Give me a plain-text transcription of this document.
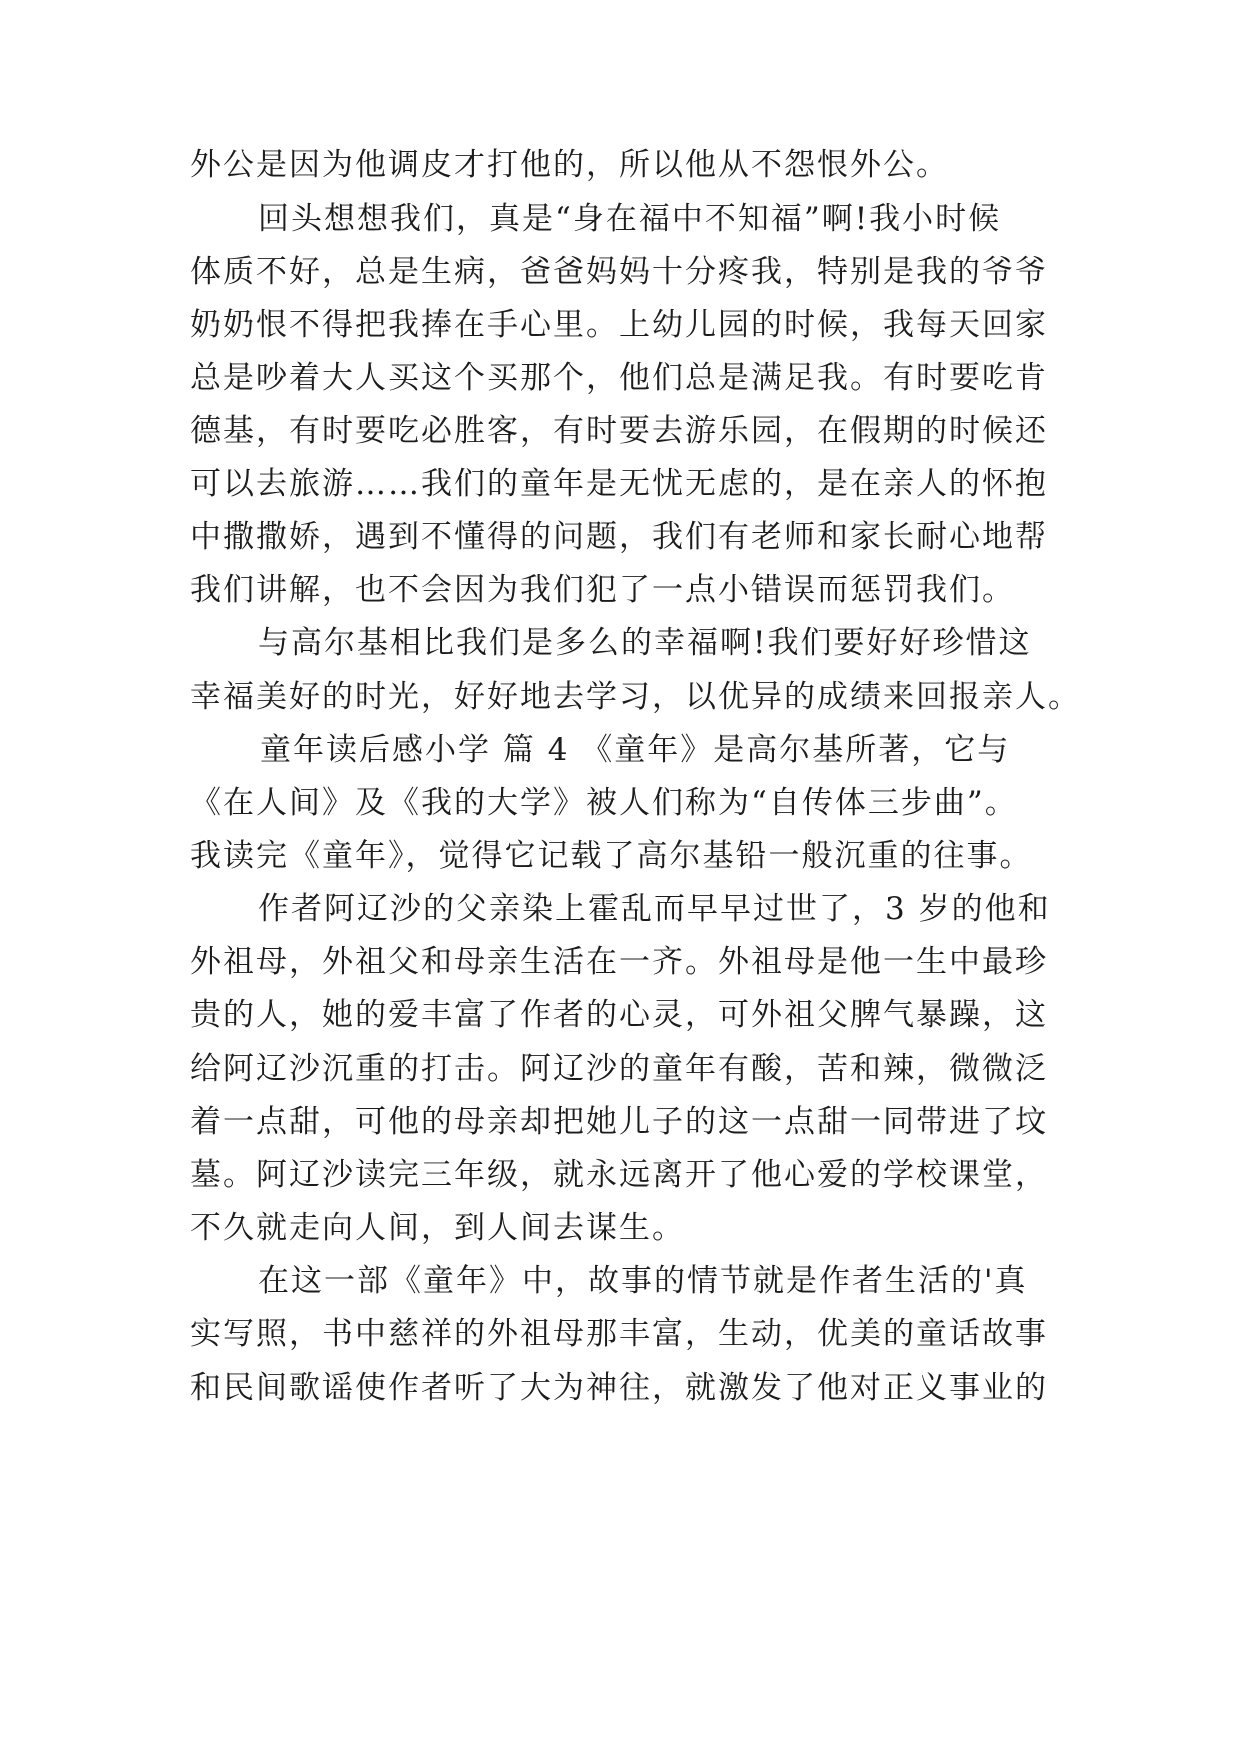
外公是因为他调皮才打他的，所以他从不怨恨外公。

回头想想我们，真是“身在福中不知福”啊!我小时候

体质不好，总是生病，爸爸妈妈十分疼我，特别是我的爷爷

奶奶恨不得把我捧在手心里。上幼儿园的时候，我每天回家

总是吵着大人买这个买那个，他们总是满足我。有时要吃肯

德基，有时要吃必胜客，有时要去游乐园，在假期的时候还

可以去旅游……我们的童年是无忧无虑的，是在亲人的怀抱

中撒撒娇，遇到不懂得的问题，我们有老师和家长耐心地帮

我们讲解，也不会因为我们犯了一点小错误而惩罚我们。

与高尔基相比我们是多么的幸福啊!我们要好好珍惜这

幸福美好的时光，好好地去学习，以优异的成绩来回报亲人。

童年读后感小学 篇 4 《童年》是高尔基所著，它与

《在人间》及《我的大学》被人们称为“自传体三步曲”。

我读完《童年》，觉得它记载了高尔基铅一般沉重的往事。

作者阿辽沙的父亲染上霍乱而早早过世了，3 岁的他和

外祖母，外祖父和母亲生活在一齐。外祖母是他一生中最珍

贵的人，她的爱丰富了作者的心灵，可外祖父脾气暴躁，这

给阿辽沙沉重的打击。阿辽沙的童年有酸，苦和辣，微微泛

着一点甜，可他的母亲却把她儿子的这一点甜一同带进了坟

墓。阿辽沙读完三年级，就永远离开了他心爱的学校课堂，

不久就走向人间，到人间去谋生。

在这一部《童年》中，故事的情节就是作者生活的'真

实写照，书中慈祥的外祖母那丰富，生动，优美的童话故事

和民间歌谣使作者听了大为神往，就激发了他对正义事业的
